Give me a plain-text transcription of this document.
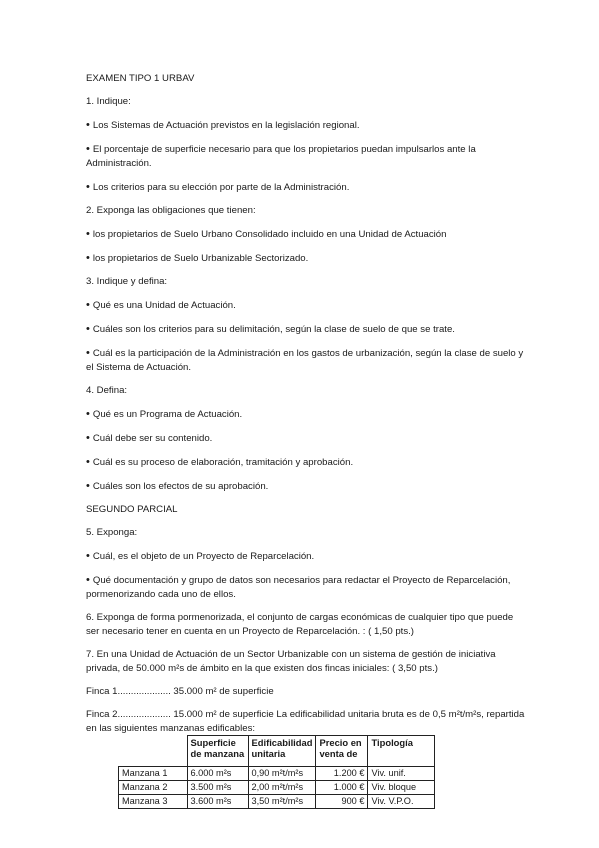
EXAMEN TIPO 1 URBAV
1. Indique:
• Los Sistemas de Actuación previstos en la legislación regional.
• El porcentaje de superficie necesario para que los propietarios puedan impulsarlos ante la Administración.
• Los criterios para su elección por parte de la Administración.
2. Exponga las obligaciones que tienen:
• los propietarios de Suelo Urbano Consolidado incluido en una Unidad de Actuación
• los propietarios de Suelo Urbanizable Sectorizado.
3. Indique y defina:
• Qué es una Unidad de Actuación.
• Cuáles son los criterios para su delimitación, según la clase de suelo de que se trate.
• Cuál es la participación de la Administración en los gastos de urbanización, según la clase de suelo y el Sistema de Actuación.
4. Defina:
• Qué es un Programa de Actuación.
• Cuál debe ser su contenido.
• Cuál es su proceso de elaboración, tramitación y aprobación.
• Cuáles son los efectos de su aprobación.
SEGUNDO PARCIAL
5. Exponga:
• Cuál, es el objeto de un Proyecto de Reparcelación.
• Qué documentación y grupo de datos son necesarios para redactar el Proyecto de Reparcelación, pormenorizando cada uno de ellos.
6. Exponga de forma pormenorizada, el conjunto de cargas económicas de cualquier tipo que puede ser necesario tener en cuenta en un Proyecto de Reparcelación. : ( 1,50 pts.)
7. En una Unidad de Actuación de un Sector Urbanizable con un sistema de gestión de iniciativa privada, de 50.000 m²s de ámbito en la que existen dos fincas iniciales: ( 3,50 pts.)
Finca 1.................... 35.000 m² de superficie
Finca 2.................... 15.000 m² de superficie La edificabilidad unitaria bruta es de 0,5 m²t/m²s, repartida en las siguientes manzanas edificables:
	Superficie de manzana	Edificabilidad unitaria	Precio en venta de	Tipología
Manzana 1	6.000 m²s	0,90 m²t/m²s	1.200 €	Viv. unif.
Manzana 2	3.500 m²s	2,00 m²t/m²s	1.000 €	Viv. bloque
Manzana 3	3.600 m²s	3,50 m²t/m²s	900 €	Viv. V.P.O.
